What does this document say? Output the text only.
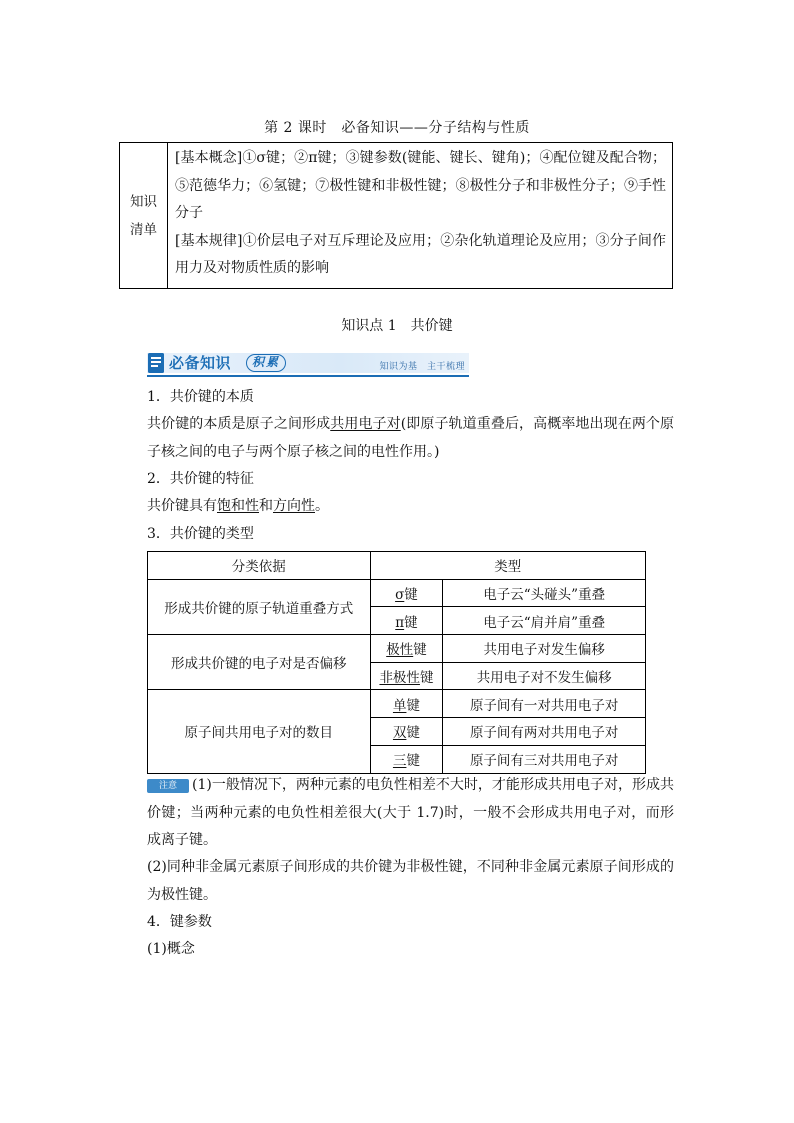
第 2 课时　必备知识——分子结构与性质
知识
清单

[基本概念]①σ键；②π键；③键参数(键能、键长、键角)；④配位键及配合物；⑤范德华力；⑥氢键；⑦极性键和非极性键；⑧极性分子和非极性分子；⑨手性分子

[基本规律]①价层电子对互斥理论及应用；②杂化轨道理论及应用；③分子间作用力及对物质性质的影响

知识点 1　共价键
必备知识	积累	知识为基　主干梳理
1．共价键的本质
共价键的本质是原子之间形成共用电子对(即原子轨道重叠后，高概率地出现在两个原子核之间的电子与两个原子核之间的电性作用。)
2．共价键的特征
共价键具有饱和性和方向性。
3．共价键的类型
分类依据	类型	
形成共价键的原子轨道重叠方式	σ键	电子云“头碰头”重叠
	π键	电子云“肩并肩”重叠
形成共价键的电子对是否偏移	极性键	共用电子对发生偏移
	非极性键	共用电子对不发生偏移
原子间共用电子对的数目	单键	原子间有一对共用电子对
	双键	原子间有两对共用电子对
	三键	原子间有三对共用电子对
注意 (1)一般情况下，两种元素的电负性相差不大时，才能形成共用电子对，形成共价键；当两种元素的电负性相差很大(大于 1.7)时，一般不会形成共用电子对，而形成离子键。
(2)同种非金属元素原子间形成的共价键为非极性键，不同种非金属元素原子间形成的为极性键。
4．键参数
(1)概念
